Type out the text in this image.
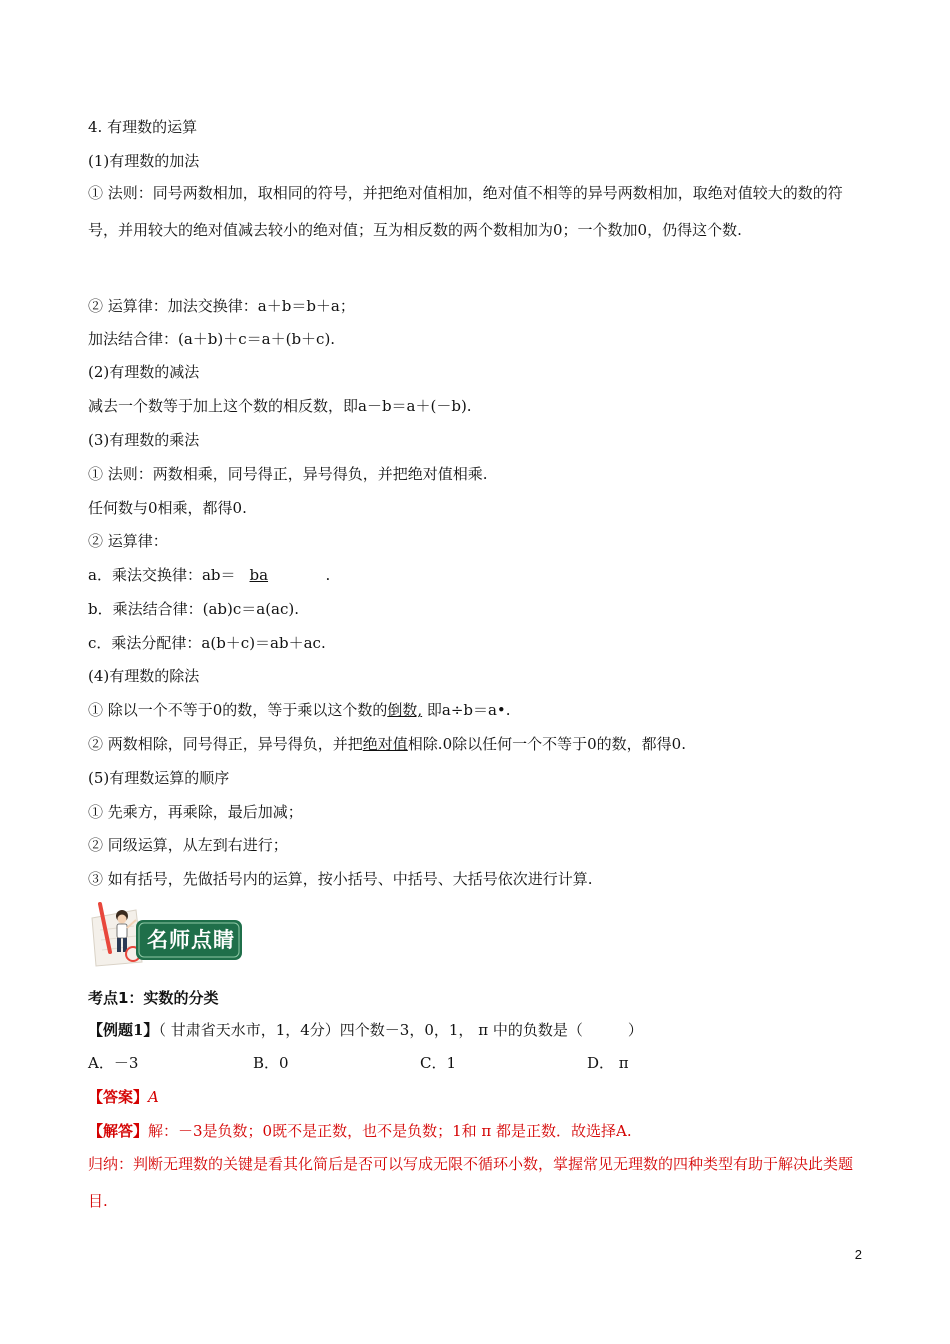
4. 有理数的运算
(1)有理数的加法
① 法则：同号两数相加，取相同的符号，并把绝对值相加，绝对值不相等的异号两数相加，取绝对值较大的数的符号，并用较大的绝对值减去较小的绝对值；互为相反数的两个数相加为0；一个数加0，仍得这个数.
② 运算律：加法交换律：a＋b＝b＋a；
加法结合律：(a＋b)＋c＝a＋(b＋c).
(2)有理数的减法
减去一个数等于加上这个数的相反数，即a－b＝a＋(－b).
(3)有理数的乘法
① 法则：两数相乘，同号得正，异号得负，并把绝对值相乘.
任何数与0相乘，都得0.
② 运算律：
a．乘法交换律：ab＝ ba	.
b．乘法结合律：(ab)c＝a(ac).
c．乘法分配律：a(b＋c)＝ab＋ac.
(4)有理数的除法
① 除以一个不等于0的数，等于乘以这个数的倒数, 即a÷b＝a•.
② 两数相除，同号得正，异号得负，并把绝对值相除.0除以任何一个不等于0的数，都得0.
(5)有理数运算的顺序
① 先乘方，再乘除，最后加减；
② 同级运算，从左到右进行；
③ 如有括号，先做括号内的运算，按小括号、中括号、大括号依次进行计算.
名师点睛
考点1：实数的分类
【例题1】（ 甘肃省天水市，1，4分）四个数－3，0，1， π 中的负数是（　　　）
A．－3	B．0	C．1	D． π
【答案】A
【解答】解：－3是负数；0既不是正数，也不是负数；1和 π 都是正数．故选择A.
归纳：判断无理数的关键是看其化简后是否可以写成无限不循环小数，掌握常见无理数的四种类型有助于解决此类题目.
2
